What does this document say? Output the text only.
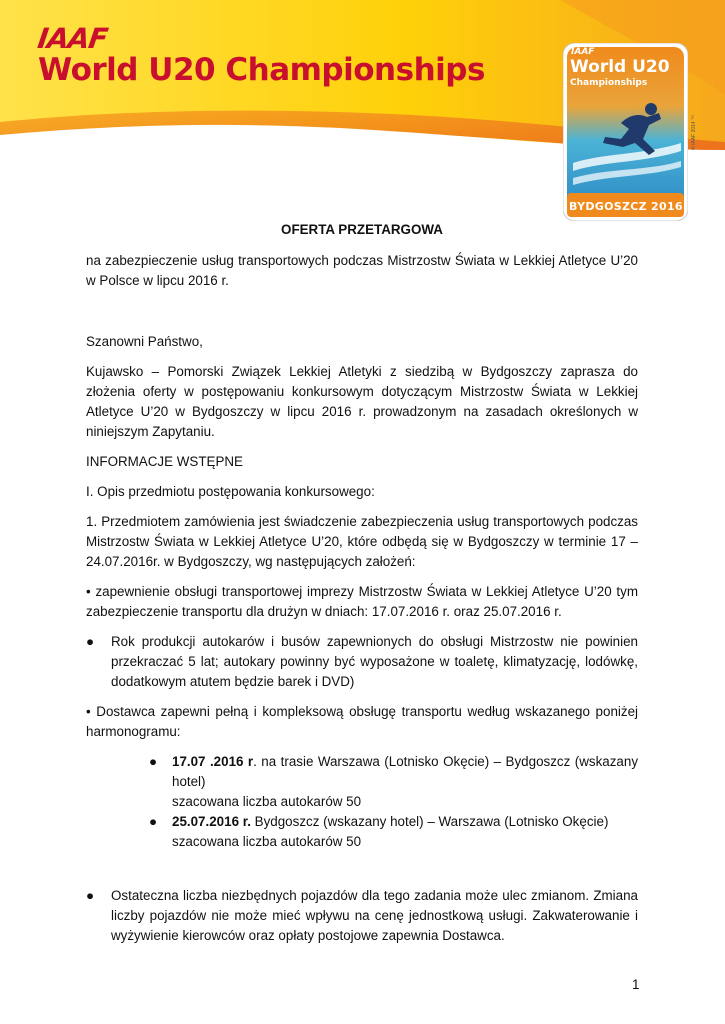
IAAF
World U20 Championships	IAAF
World U20
Championships
BYDGOSZCZ 2016
© IAAF 2014 ™

OFERTA PRZETARGOWA

na zabezpieczenie usług transportowych podczas Mistrzostw Świata w Lekkiej Atletyce U’20 w Polsce w lipcu 2016 r.

Szanowni Państwo,

Kujawsko – Pomorski Związek Lekkiej Atletyki z siedzibą w Bydgoszczy zaprasza do złożenia oferty w postępowaniu konkursowym dotyczącym Mistrzostw Świata w Lekkiej Atletyce U’20 w Bydgoszczy w lipcu 2016 r. prowadzonym na zasadach określonych w niniejszym Zapytaniu.

INFORMACJE WSTĘPNE

I. Opis przedmiotu postępowania konkursowego:

1. Przedmiotem zamówienia jest świadczenie zabezpieczenia usług transportowych podczas Mistrzostw Świata w Lekkiej Atletyce U’20, które odbędą się w Bydgoszczy w terminie 17 – 24.07.2016r. w Bydgoszczy, wg następujących założeń:

• zapewnienie obsługi transportowej imprezy Mistrzostw Świata w Lekkiej Atletyce U’20 tym zabezpieczenie transportu dla drużyn w dniach: 17.07.2016 r. oraz 25.07.2016 r.

● Rok produkcji autokarów i busów zapewnionych do obsługi Mistrzostw nie powinien przekraczać 5 lat; autokary powinny być wyposażone w toaletę, klimatyzację, lodówkę, dodatkowym atutem będzie barek i DVD)

• Dostawca zapewni pełną i kompleksową obsługę transportu według wskazanego poniżej harmonogramu:

● 17.07 .2016 r. na trasie Warszawa (Lotnisko Okęcie) – Bydgoszcz (wskazany hotel)
szacowana liczba autokarów 50
● 25.07.2016 r. Bydgoszcz (wskazany hotel) – Warszawa (Lotnisko Okęcie)
szacowana liczba autokarów 50
● Ostateczna liczba niezbędnych pojazdów dla tego zadania może ulec zmianom. Zmiana liczby pojazdów nie może mieć wpływu na cenę jednostkową usługi. Zakwaterowanie i wyżywienie kierowców oraz opłaty postojowe zapewnia Dostawca.
1
